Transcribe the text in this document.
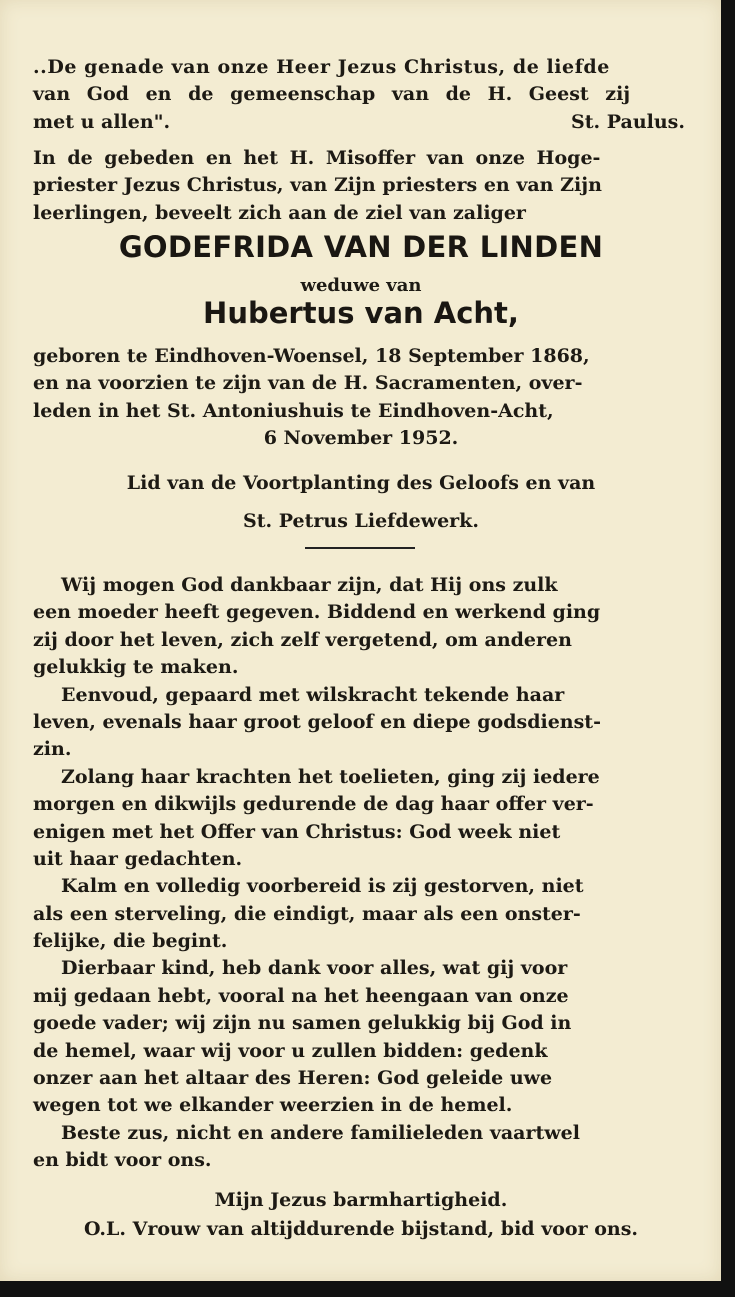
..De genade van onze Heer Jezus Christus, de liefde
van God en de gemeenschap van de H. Geest zij
met u allen".	St. Paulus.
In de gebeden en het H. Misoffer van onze Hoge-
priester Jezus Christus, van Zijn priesters en van Zijn
leerlingen, beveelt zich aan de ziel van zaliger

GODEFRIDA VAN DER LINDEN

weduwe van

Hubertus van Acht,

geboren te Eindhoven-Woensel, 18 September 1868,
en na voorzien te zijn van de H. Sacramenten, over-
leden in het St. Antoniushuis te Eindhoven-Acht,
6 November 1952.
Lid van de Voortplanting des Geloofs en van
St. Petrus Liefdewerk.
Wij mogen God dankbaar zijn, dat Hij ons zulk
een moeder heeft gegeven. Biddend en werkend ging
zij door het leven, zich zelf vergetend, om anderen
gelukkig te maken.
Eenvoud, gepaard met wilskracht tekende haar
leven, evenals haar groot geloof en diepe godsdienst-
zin.
Zolang haar krachten het toelieten, ging zij iedere
morgen en dikwijls gedurende de dag haar offer ver-
enigen met het Offer van Christus: God week niet
uit haar gedachten.
Kalm en volledig voorbereid is zij gestorven, niet
als een sterveling, die eindigt, maar als een onster-
felijke, die begint.
Dierbaar kind, heb dank voor alles, wat gij voor
mij gedaan hebt, vooral na het heengaan van onze
goede vader; wij zijn nu samen gelukkig bij God in
de hemel, waar wij voor u zullen bidden: gedenk
onzer aan het altaar des Heren: God geleide uwe
wegen tot we elkander weerzien in de hemel.
Beste zus, nicht en andere familieleden vaartwel
en bidt voor ons.
Mijn Jezus barmhartigheid.
O.L. Vrouw van altijddurende bijstand, bid voor ons.
